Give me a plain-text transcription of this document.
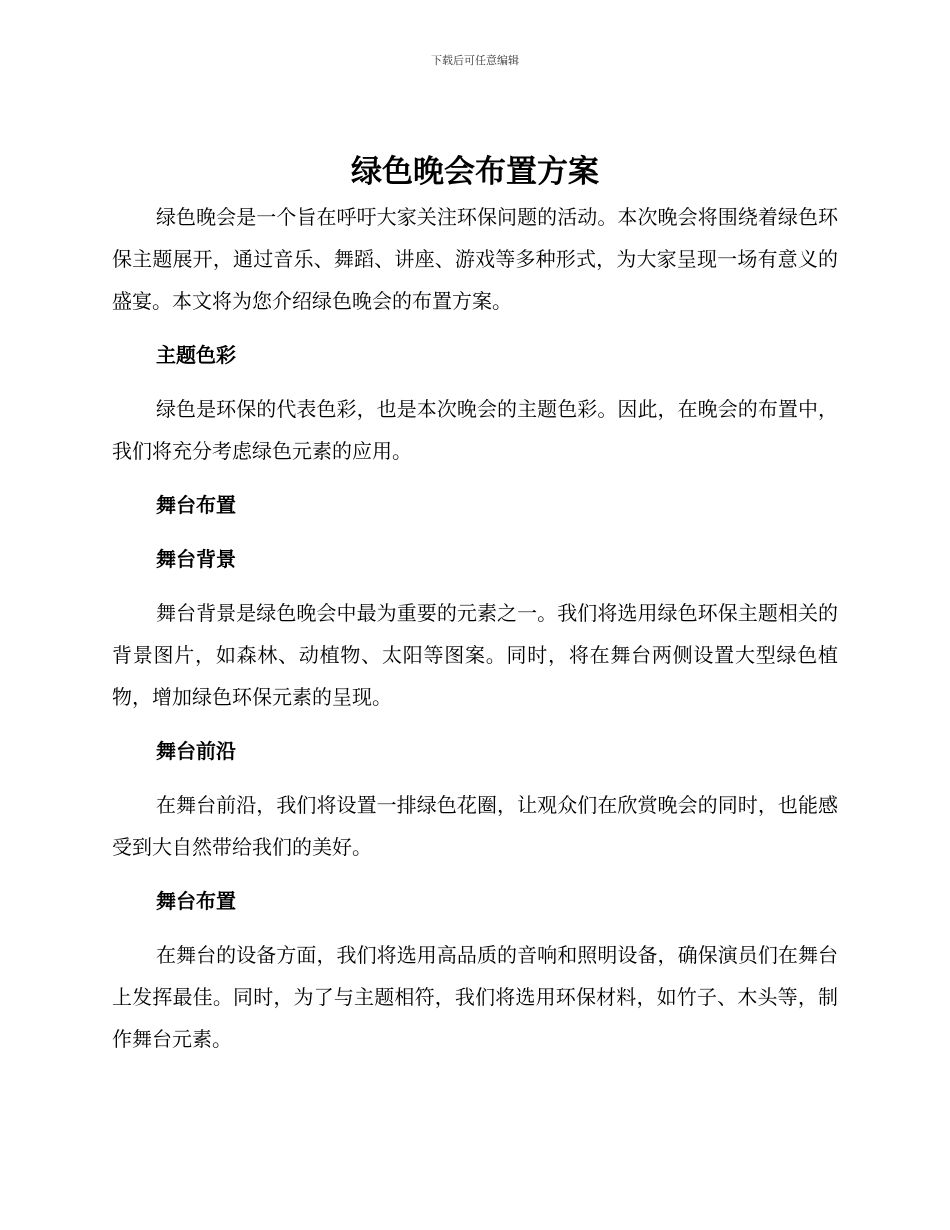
下载后可任意编辑
绿色晚会布置方案

绿色晚会是一个旨在呼吁大家关注环保问题的活动。本次晚会将围绕着绿色环保主题展开，通过音乐、舞蹈、讲座、游戏等多种形式，为大家呈现一场有意义的盛宴。本文将为您介绍绿色晚会的布置方案。

主题色彩

绿色是环保的代表色彩，也是本次晚会的主题色彩。因此，在晚会的布置中，我们将充分考虑绿色元素的应用。

舞台布置
舞台背景

舞台背景是绿色晚会中最为重要的元素之一。我们将选用绿色环保主题相关的背景图片，如森林、动植物、太阳等图案。同时，将在舞台两侧设置大型绿色植物，增加绿色环保元素的呈现。

舞台前沿

在舞台前沿，我们将设置一排绿色花圈，让观众们在欣赏晚会的同时，也能感受到大自然带给我们的美好。

舞台布置

在舞台的设备方面，我们将选用高品质的音响和照明设备，确保演员们在舞台上发挥最佳。同时，为了与主题相符，我们将选用环保材料，如竹子、木头等，制作舞台元素。
